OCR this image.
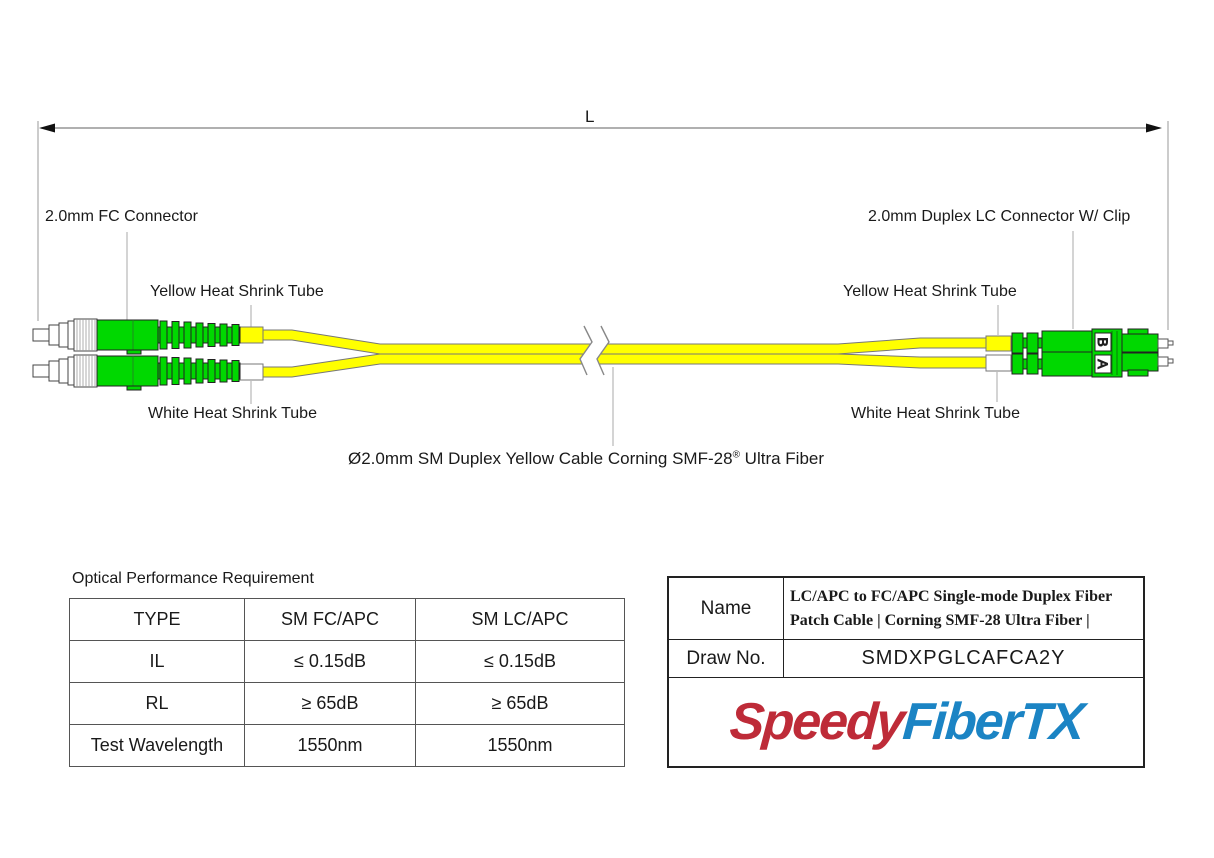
B
A
L
2.0mm FC Connector	2.0mm Duplex LC Connector W/ Clip
Yellow Heat Shrink Tube	Yellow Heat Shrink Tube
White Heat Shrink Tube	White Heat Shrink Tube
Ø2.0mm SM Duplex Yellow Cable Corning SMF-28® Ultra Fiber
Optical Performance Requirement
TYPE	SM FC/APC	SM LC/APC
IL	≤ 0.15dB	≤ 0.15dB
RL	≥ 65dB	≥ 65dB
Test Wavelength	1550nm	1550nm
Name
LC/APC to FC/APC Single-mode Duplex Fiber
Patch Cable | Corning SMF-28 Ultra Fiber |
Draw No.	SMDXPGLCAFCA2Y
SpeedyFiberTX
